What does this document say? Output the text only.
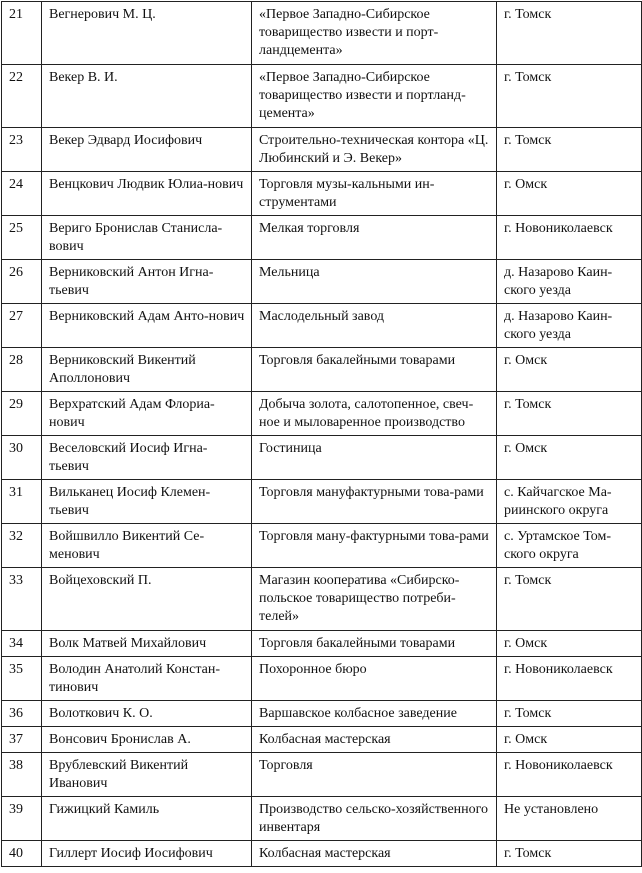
21	Вегнерович М. Ц.	«Первое Западно-Сибирское товарищество извести и порт-ландцемента»	г. Томск
22	Векер В. И.	«Первое Западно-Сибирское товарищество извести и портланд-цемента»	г. Томск
23	Векер Эдвард Иосифович	Строительно-техническая контора «Ц. Любинский и Э. Векер»	г. Томск
24	Венцкович Людвик Юлиа-нович	Торговля музы-кальными ин-струментами	г. Омск
25	Вериго Бронислав Станисла-вович	Мелкая торговля	г. Новониколаевск
26	Верниковский Антон Игна-тьевич	Мельница	д. Назарово Каин-ского уезда
27	Верниковский Адам Анто-нович	Маслодельный завод	д. Назарово Каин-ского уезда
28	Верниковский Викентий Аполлонович	Торговля бакалейными товарами	г. Омск
29	Верхратский Адам Флориа-нович	Добыча золота, салотопенное, свеч-ное и мыловаренное производство	г. Томск
30	Веселовский Иосиф Игна-тьевич	Гостиница	г. Омск
31	Вильканец Иосиф Клемен-тьевич	Торговля мануфактурными това-рами	с. Кайчагское Ма-риинского округа
32	Войшвилло Викентий Се-менович	Торговля ману-фактурными това-рами	с. Уртамское Том-ского округа
33	Войцеховский П.	Магазин кооператива «Сибирско-польское товарищество потреби-телей»	г. Томск
34	Волк Матвей Михайлович	Торговля бакалейными товарами	г. Омск
35	Володин Анатолий Констан-тинович	Похоронное бюро	г. Новониколаевск
36	Волоткович К. О.	Варшавское колбасное заведение	г. Томск
37	Вонсович Бронислав А.	Колбасная мастерская	г. Омск
38	Врублевский Викентий Иванович	Торговля	г. Новониколаевск
39	Гижицкий Камиль	Производство сельско-хозяйственного инвентаря	Не установлено
40	Гиллерт Иосиф Иосифович	Колбасная мастерская	г. Томск
